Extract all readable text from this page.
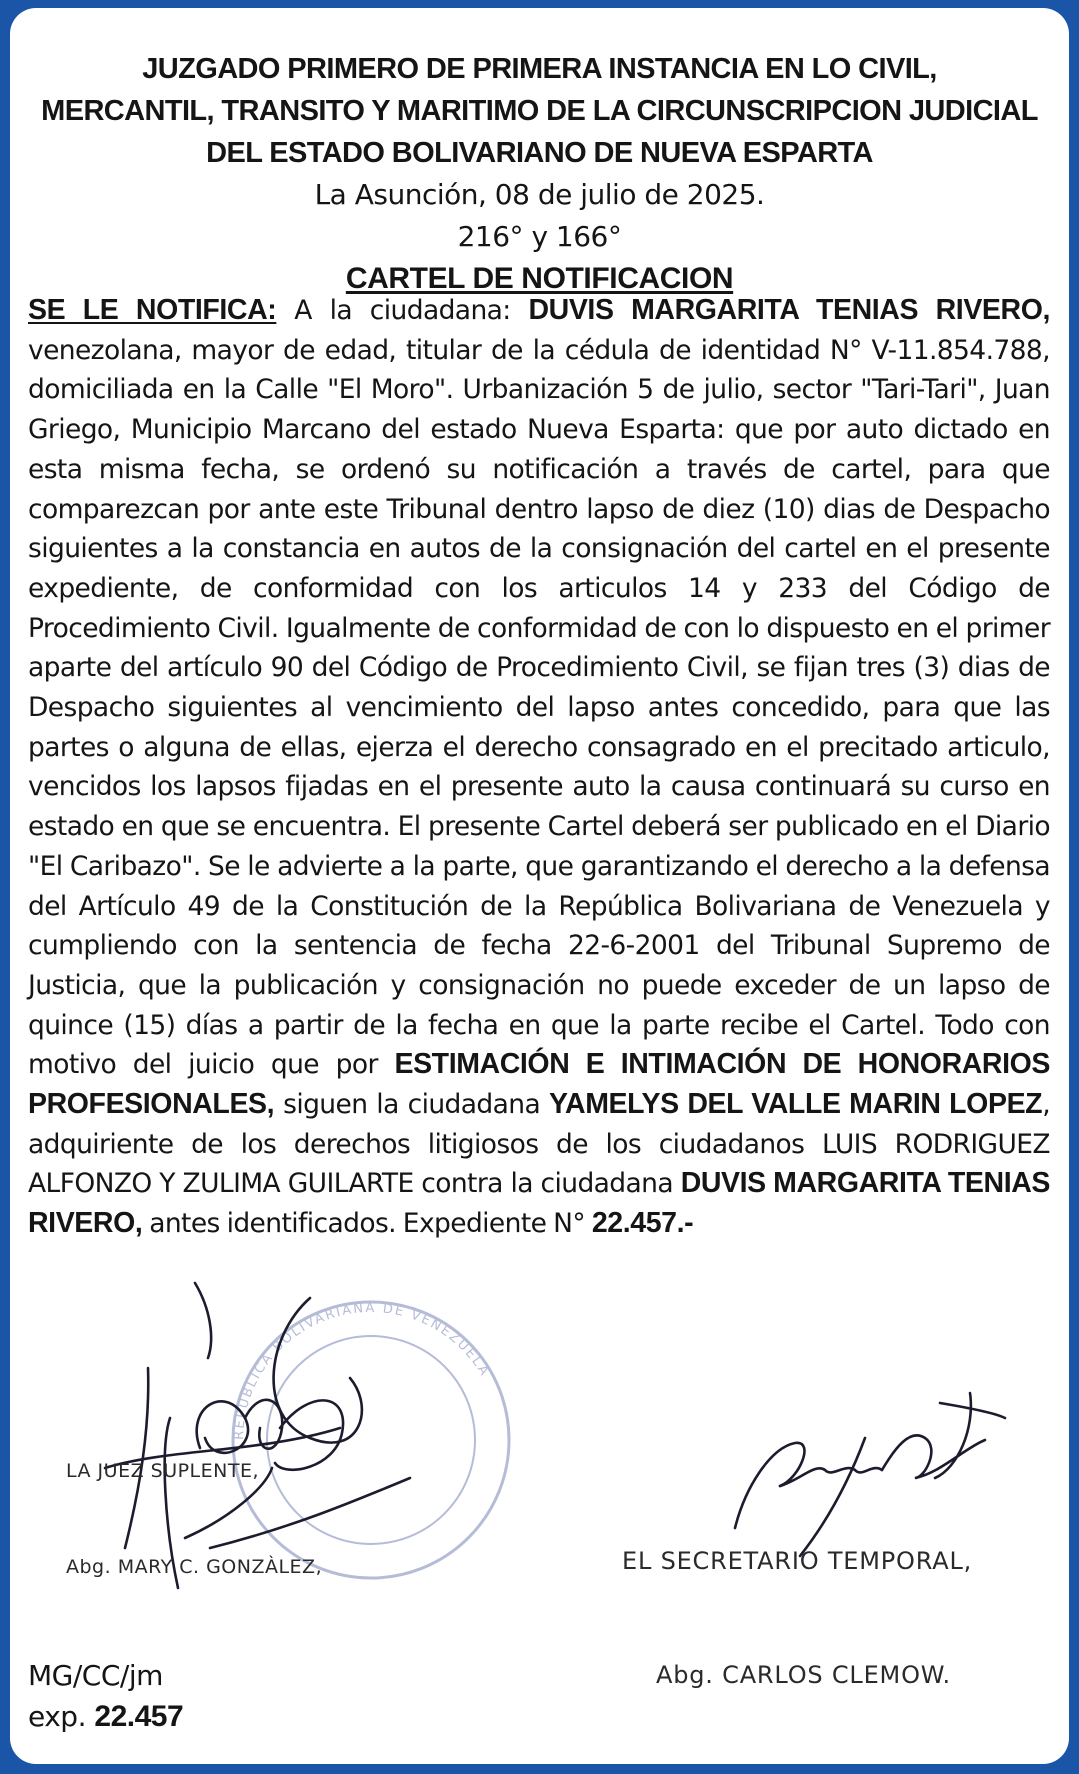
JUZGADO PRIMERO DE PRIMERA INSTANCIA EN LO CIVIL,
MERCANTIL, TRANSITO Y MARITIMO DE LA CIRCUNSCRIPCION JUDICIAL
DEL ESTADO BOLIVARIANO DE NUEVA ESPARTA
La Asunción, 08 de julio de 2025.
216° y 166°
CARTEL DE NOTIFICACION
SE LE NOTIFICA: A la ciudadana: DUVIS MARGARITA TENIAS RIVERO, venezolana, mayor de edad, titular de la cédula de identidad N° V-11.854.788, domiciliada en la Calle "El Moro". Urbanización 5 de julio, sector "Tari-Tari", Juan Griego, Municipio Marcano del estado Nueva Esparta: que por auto dictado en esta misma fecha, se ordenó su notificación a través de cartel, para que comparezcan por ante este Tribunal dentro lapso de diez (10) dias de Despacho siguientes a la constancia en autos de la consignación del cartel en el presente expediente, de conformidad con los articulos 14 y 233 del Código de Procedimiento Civil. Igualmente de conformidad de con lo dispuesto en el primer aparte del artículo 90 del Código de Procedimiento Civil, se fijan tres (3) dias de Despacho siguientes al vencimiento del lapso antes concedido, para que las partes o alguna de ellas, ejerza el derecho consagrado en el precitado articulo, vencidos los lapsos fijadas en el presente auto la causa continuará su curso en estado en que se encuentra. El presente Cartel deberá ser publicado en el Diario "El Caribazo". Se le advierte a la parte, que garantizando el derecho a la defensa del Artículo 49 de la Constitución de la República Bolivariana de Venezuela y cumpliendo con la sentencia de fecha 22-6-2001 del Tribunal Supremo de Justicia, que la publicación y consignación no puede exceder de un lapso de quince (15) días a partir de la fecha en que la parte recibe el Cartel. Todo con motivo del juicio que por ESTIMACIÓN E INTIMACIÓN DE HONORARIOS PROFESIONALES, siguen la ciudadana YAMELYS DEL VALLE MARIN LOPEZ, adquiriente de los derechos litigiosos de los ciudadanos LUIS RODRIGUEZ ALFONZO Y ZULIMA GUILARTE contra la ciudadana DUVIS MARGARITA TENIAS RIVERO, antes identificados. Expediente N° 22.457.-
REPUBLICA BOLIVARIANA DE VENEZUELA
LA JUEZ SUPLENTE,
Abg. MARY C. GONZÀLEZ,	EL SECRETARIO TEMPORAL,
Abg. CARLOS CLEMOW.
MG/CC/jm
exp. 22.457
